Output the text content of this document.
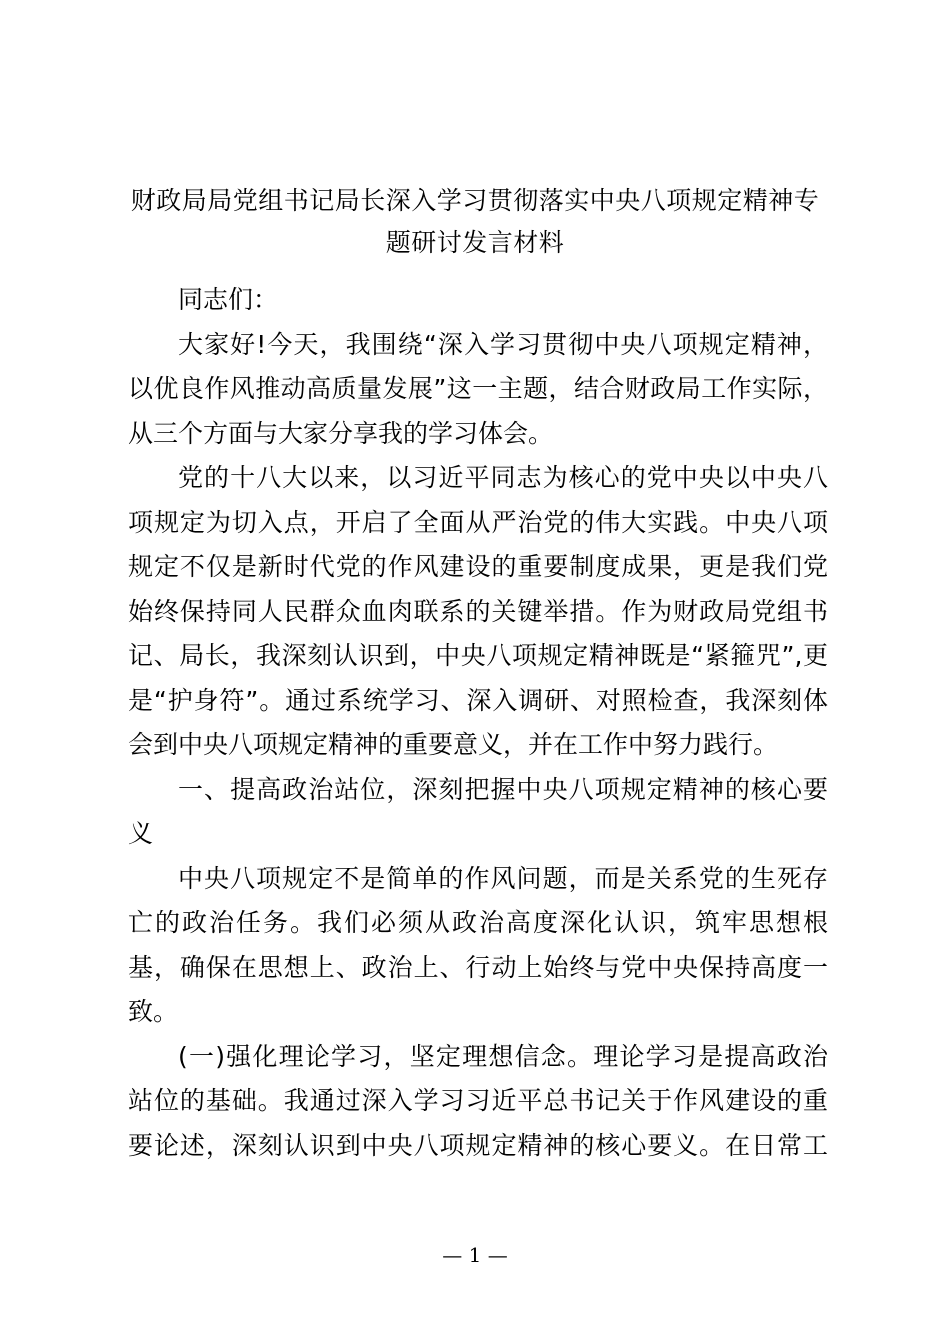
财政局局党组书记局长深入学习贯彻落实中央八项规定精神专
题研讨发言材料

同志们：

大家好!今天，我围绕“深入学习贯彻中央八项规定精神，
以优良作风推动高质量发展”这一主题，结合财政局工作实际，
从三个方面与大家分享我的学习体会。

党的十八大以来，以习近平同志为核心的党中央以中央八
项规定为切入点，开启了全面从严治党的伟大实践。中央八项
规定不仅是新时代党的作风建设的重要制度成果，更是我们党
始终保持同人民群众血肉联系的关键举措。作为财政局党组书
记、局长，我深刻认识到，中央八项规定精神既是“紧箍咒”,更
是“护身符”。通过系统学习、深入调研、对照检查，我深刻体
会到中央八项规定精神的重要意义，并在工作中努力践行。

一、提高政治站位，深刻把握中央八项规定精神的核心要
义

中央八项规定不是简单的作风问题，而是关系党的生死存
亡的政治任务。我们必须从政治高度深化认识，筑牢思想根
基，确保在思想上、政治上、行动上始终与党中央保持高度一
致。

(一)强化理论学习，坚定理想信念。理论学习是提高政治
站位的基础。我通过深入学习习近平总书记关于作风建设的重
要论述，深刻认识到中央八项规定精神的核心要义。在日常工

— 1 —
